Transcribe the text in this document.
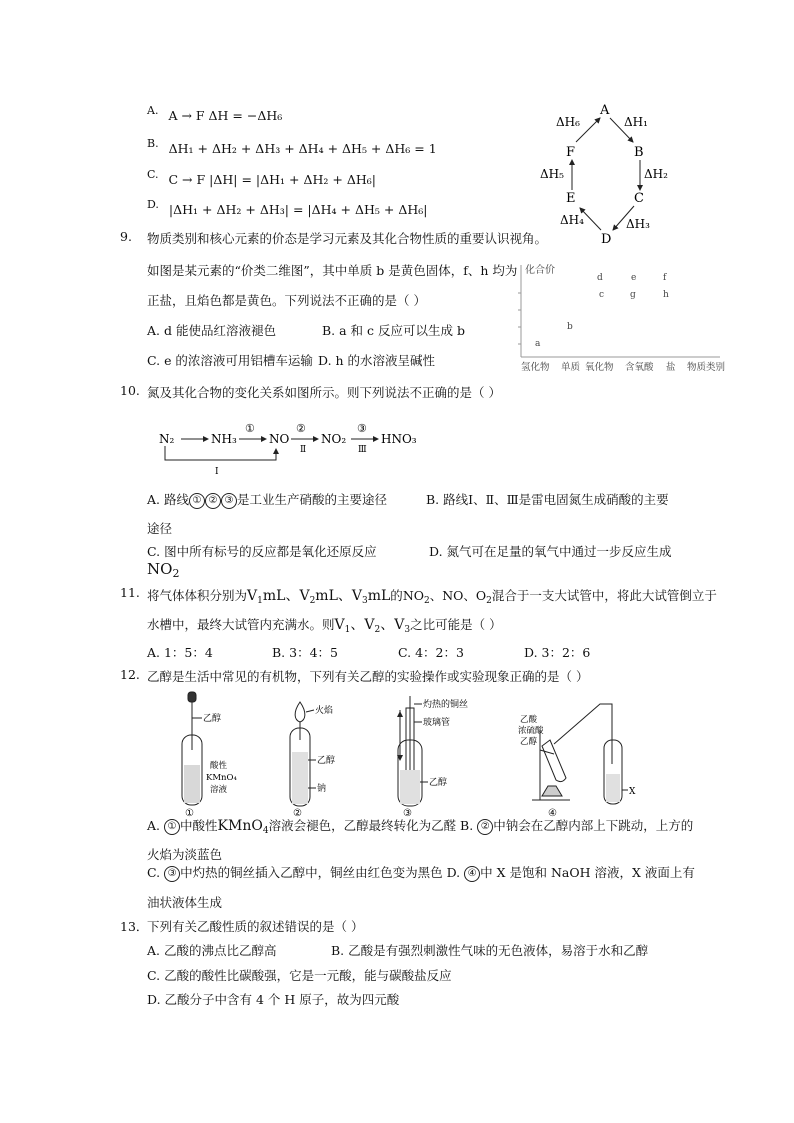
A. A → F ΔH = −ΔH₆
B. ΔH₁ + ΔH₂ + ΔH₃ + ΔH₄ + ΔH₅ + ΔH₆ = 1
C. C → F |ΔH| = |ΔH₁ + ΔH₂ + ΔH₆|
D. |ΔH₁ + ΔH₂ + ΔH₃| = |ΔH₄ + ΔH₅ + ΔH₆|
A
B
C
D
E
F
ΔH₁
ΔH₂
ΔH₃
ΔH₄
ΔH₅
ΔH₆
9. 物质类别和核心元素的价态是学习元素及其化合物性质的重要认识视角。
如图是某元素的“价类二维图”，其中单质 b 是黄色固体，f、h 均为
正盐，且焰色都是黄色。下列说法不正确的是（ ）
A. d 能使品红溶液褪色	B. a 和 c 反应可以生成 b
C. e 的浓溶液可用铝槽车运输 D. h 的水溶液呈碱性
化合价
d	e	f
c	g	h
b
a
氢化物 单质 氧化物 含氧酸 盐 物质类别
10. 氮及其化合物的变化关系如图所示。则下列说法不正确的是（ ）
N₂	NH₃	NO	NO₂	HNO₃
①	②	③
Ⅱ	Ⅲ
Ⅰ
A. 路线 ① ② ③ 是工业生产硝酸的主要途径	B. 路线Ⅰ、Ⅱ、Ⅲ是雷电固氮生成硝酸的主要
途径
C. 图中所有标号的反应都是氧化还原反应	D. 氮气可在足量的氧气中通过一步反应生成
$NO_2$
11. 将气体体积分别为$V_1mL$、$V_2mL$、$V_3mL$的$NO_2$、NO、$O_2$混合于一支大试管中，将此大试管倒立于
水槽中，最终大试管内充满水。则$V_1$、$V_2$、$V_3$之比可能是（ ）
A. 1：5：4	B. 3：4：5	C. 4：2：3	D. 3：2：6
12. 乙醇是生活中常见的有机物，下列有关乙醇的实验操作或实验现象正确的是（ ）
乙醇
酸性
KMnO₄
溶液
①
火焰
乙醇
钠
②
灼热的铜丝
玻璃管
乙醇
③
乙酸
浓硫酸
乙醇
X
④
A. ① 中酸性KMnO$_4$溶液会褪色，乙醇最终转化为乙醛 B. ② 中钠会在乙醇内部上下跳动，上方的
火焰为淡蓝色
C. ③ 中灼热的铜丝插入乙醇中，铜丝由红色变为黑色 D. ④ 中 X 是饱和 NaOH 溶液，X 液面上有
油状液体生成
13．
下列有关乙酸性质的叙述错误的是（ ）
A. 乙酸的沸点比乙醇高	B. 乙酸是有强烈刺激性气味的无色液体，易溶于水和乙醇
C. 乙酸的酸性比碳酸强，它是一元酸，能与碳酸盐反应
D. 乙酸分子中含有 4 个 H 原子，故为四元酸
